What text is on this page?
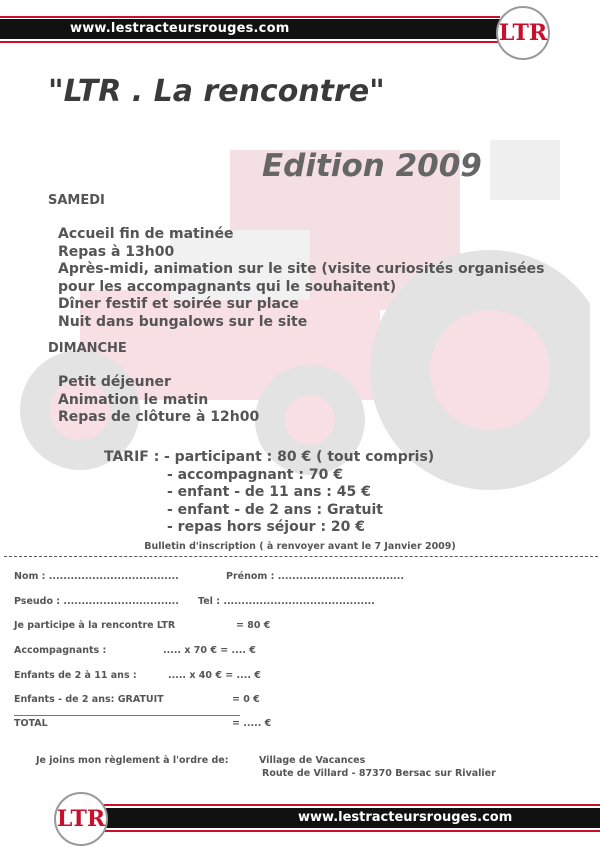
www.lestracteursrouges.com	LTR
"LTR . La rencontre"
Edition 2009
SAMEDI
Accueil fin de matinée
Repas à 13h00
Après-midi, animation sur le site (visite curiosités organisées
pour les accompagnants qui le souhaitent)
Dîner festif et soirée sur place
Nuit dans bungalows sur le site
DIMANCHE
Petit déjeuner
Animation le matin
Repas de clôture à 12h00
TARIF : - participant : 80 € ( tout compris)
- accompagnant : 70 €
- enfant - de 11 ans : 45 €
- enfant - de 2 ans : Gratuit
- repas hors séjour : 20 €
Bulletin d'inscription ( à renvoyer avant le 7 Janvier 2009)
Nom : ....................................	Prénom : ...................................
Pseudo : ................................ Tel : ..........................................
Je participe à la rencontre LTR	= 80 €
Accompagnants :	..... x 70 € = .... €
Enfants de 2 à 11 ans :	..... x 40 € = .... €
Enfants - de 2 ans: GRATUIT	= 0 €
TOTAL	= ..... €
Je joins mon règlement à l'ordre de:	Village de Vacances
Route de Villard - 87370 Bersac sur Rivalier
www.lestracteursrouges.com
LTR
